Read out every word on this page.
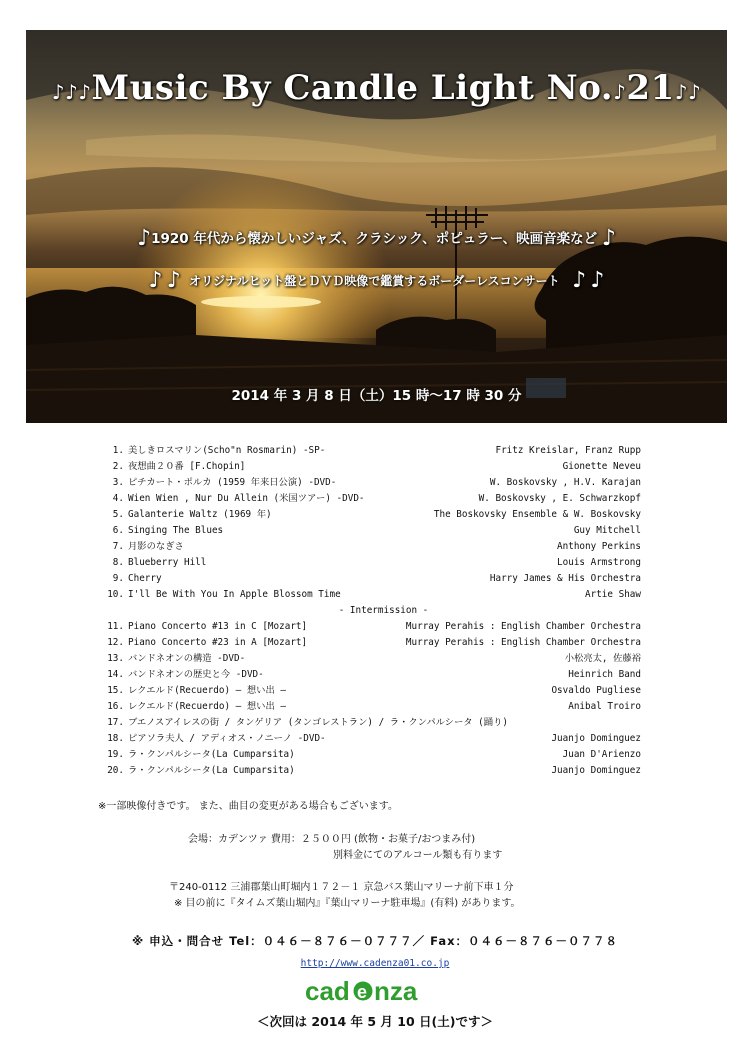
♪♪♪Music By Candle Light No.♪21♪♪
♪1920 年代から懐かしいジャズ、クラシック、ポピュラー、映画音楽など ♪
♪ ♪ オリジナルヒット盤とＤＶＤ映像で鑑賞するボーダーレスコンサート ♪ ♪
2014 年 3 月 8 日（土）15 時～17 時 30 分
1. 美しきロスマリン(Scho"n Rosmarin) -SP-	Fritz Kreislar, Franz Rupp
2. 夜想曲２０番 [F.Chopin]	Gionette Neveu
3. ピチカート・ポルカ (1959 年来日公演) -DVD-	W. Boskovsky , H.V. Karajan
4. Wien Wien , Nur Du Allein (米国ツアー) -DVD-	W. Boskovsky , E. Schwarzkopf
5. Galanterie Waltz (1969 年)	The Boskovsky Ensemble & W. Boskovsky
6. Singing The Blues	Guy Mitchell
7. 月影のなぎさ	Anthony Perkins
8. Blueberry Hill	Louis Armstrong
9. Cherry	Harry James & His Orchestra
10. I'll Be With You In Apple Blossom Time	Artie Shaw
- Intermission -
11. Piano Concerto #13 in C [Mozart]	Murray Perahis : English Chamber Orchestra
12. Piano Concerto #23 in A [Mozart]	Murray Perahis : English Chamber Orchestra
13. バンドネオンの構造 -DVD-	小松亮太, 佐藤裕
14. バンドネオンの歴史と今 -DVD-	Heinrich Band
15. レクエルド(Recuerdo) – 想い出 –	Osvaldo Pugliese
16. レクエルド(Recuerdo) – 想い出 –	Anibal Troiro
17. ブエノスアイレスの街 / タンゲリア (タンゴレストラン) / ラ・クンパルシータ (踊り)
18. ピアソラ夫人 / アディオス・ノニーノ -DVD-	Juanjo Dominguez
19. ラ・クンパルシータ(La Cumparsita)	Juan D'Arienzo
20. ラ・クンパルシータ(La Cumparsita)	Juanjo Dominguez
※一部映像付きです。 また、曲目の変更がある場合もございます。
会場：カデンツァ 費用：２５００円 (飲物・お菓子/おつまみ付)
別料金にてのアルコール類も有ります
〒240-0112 三浦郡葉山町堀内１７２－１ 京急バス葉山マリーナ前下車１分
※ 目の前に『タイムズ葉山堀内』『葉山マリーナ駐車場』(有料) があります。
※ 申込・問合せ Tel：０４６－８７６－０７７７／ Fax：０４６－８７６－０７７８
http://www.cadenza01.co.jp
cad e nza
＜次回は 2014 年 5 月 10 日(土)です＞
